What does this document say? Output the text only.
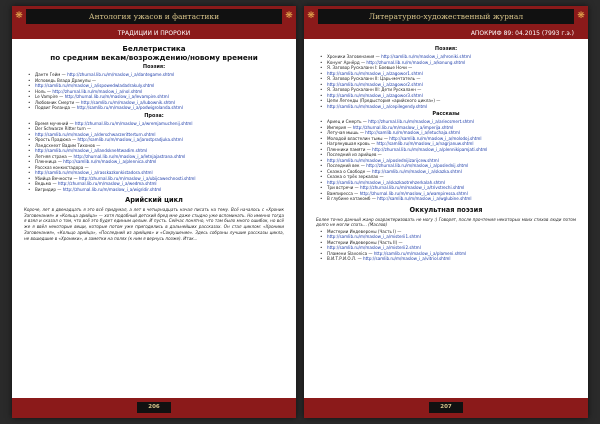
❋	Антология ужасов и фантастики	❋
ТРАДИЦИИ И ПРОРОКИ
Беллетристика
по средним векам/возрождению/новому времени
Поэзия:
• Данте Гейм — http://zhurnal.lib.ru/m/maslow_i_a/dantegame.shtml
• Исповедь Влада Дракулы —
• http://samlib.ru/m/maslow_i_a/ispowedwladadrakuly.shtml
• Ноль — http://zhurnal.lib.ru/m/maslow_i_a/nol.shtml
• Le Vampire — http://zhurnal.lib.ru/m/maslow_i_a/levampire.shtml
• Любовник Смерти — http://samlib.ru/m/maslow_i_a/lubownik.shtml
• Подвиг Роланда — http://samlib.ru/m/maslow_i_a/podwigrolanda.shtml
Проза:
• Время мучений — http://zhurnal.lib.ru/m/maslow_i_a/wremjamuchenij.shtml
• Der Schwarze Ritter turn —
• http://samlib.ru/m/maslow_i_a/derschwarzeritterturn.shtml
• Ярость Прадюка — http://samlib.ru/m/maslow_i_a/jarostpradjuka.shtml
• Ландсхнехт Вадим Тихонов —
• http://samlib.ru/m/maslow_i_a/landsknehtwadim.shtml
• Летняя страна — http://zhurnal.lib.ru/m/maslow_i_a/letnjajastrana.shtml
• Пленница — http://samlib.ru/m/maslow_i_a/plennica.shtml
• Рассказ конкистадора —
• http://samlib.ru/m/maslow_i_a/rasskazkonkistadora.shtml
• Убийца Вечности — http://zhurnal.lib.ru/m/maslow_i_a/ubijcawechnosti.shtml
• Ведьма — http://zhurnal.lib.ru/m/maslow_i_a/wedma.shtml
• Вигридир — http://zhurnal.lib.ru/m/maslow_i_a/wigridir.shtml
Арийский цикл
Короче, лет в двенадцать я это всё придумал, а лет в четырнадцать начал писать на тему. Всё началось с «Хроник Заговенания» и «Кольца арийца» — хотя подобный детский бред мне даже стыдно уже вспоминать. Но именно тогда я взял и сказал о том, что всё это будет единым целым. И пусть. Сейчас понятно, что там было много ошибок, но всё же я ввёл некоторые вещи, которые потом уже пригодились в дальнейших рассказах. Он стал циклом: «Хроники Заговенания», «Кольцо арийца», «Последний из арийцев» и «Сокрушение». Здесь собраны лучшие рассказы цикла, не вошедшие в «Хроники», и заметки на полях (к ним я вернусь позже). Итак...
206
❋	Литературно-художественный журнал	❋
АПОКРИФ 89: 04.2015 (7993 г.э.)
Поэзия:
• Хроники Заговенания — http://samlib.ru/m/maslow_i_a/hroniki.shtml
• Конунг Арнёрд — http://zhurnal.lib.ru/m/maslow_i_a/konung.shtml
• Я. Заговор Рускаланн I: Боевые Ночи —
• http://samlib.ru/m/maslow_i_a/zagowor1.shtml
• Я. Заговор Рускаланн II: Царь-мечтатель —
• http://samlib.ru/m/maslow_i_a/zagowor2.shtml
• Я. Заговор Рускаланн III: Дети Рускаланн —
• http://samlib.ru/m/maslow_i_a/zagowor3.shtml
• Цепи Легенды (Предыстория «арийского цикла») —
• http://samlib.ru/m/maslow_i_a/cepilegendy.shtml
Рассказы
• Ариец и Смерть — http://zhurnal.lib.ru/m/maslow_i_a/ariecsmert.shtml
• Империя — http://zhurnal.lib.ru/m/maslow_i_a/imperija.shtml
• Летучая мышь — http://samlib.ru/m/maslow_i_a/letuchaja.shtml
• Молодой властелин тьмы — http://samlib.ru/m/maslow_i_a/molodoj.shtml
• Нагрянувшая кровь — http://samlib.ru/m/maslow_i_a/nagrjanuw.shtml
• Пленники памяти — http://zhurnal.lib.ru/m/maslow_i_a/plennikipamjati.shtml
• Последний из арийцев —
• http://samlib.ru/m/maslow_i_a/poslednijizarijcew.shtml
• Последний век — http://zhurnal.lib.ru/m/maslow_i_a/poslednij.shtml
• Сказка о Свободе — http://samlib.ru/m/maslow_i_a/skazka.shtml
• Сказка о трёх зеркалах —
• http://samlib.ru/m/maslow_i_a/skazkaotrehzerkalah.shtml
• Три встречи — http://zhurnal.lib.ru/m/maslow_i_a/trivstrechi.shtml
• Вампиресса — http://zhurnal.lib.ru/m/maslow_i_a/wampiressa.shtml
• В глубине катакомб — http://samlib.ru/m/maslow_i_a/wglubine.shtml
Оккультная поэзия
Более точно данный жанр охарактеризовать не могу :) Говорят, после прочтения некоторых моих стихов люди потом долго не могли спать... (Маслов)
• Мистерии Индевероны (Часть I) —
• http://samlib.ru/m/maslow_i_a/misterii1.shtml
• Мистерии Индевероны (Часть II) —
• http://samlib.ru/m/maslow_i_a/misterii2.shtml
• Пламени Slavonica — http://samlib.ru/m/maslow_i_a/plameni.shtml
• В.И.Т.Р.И.О.Л. — http://samlib.ru/m/maslow_i_a/vitriol.shtml
207
